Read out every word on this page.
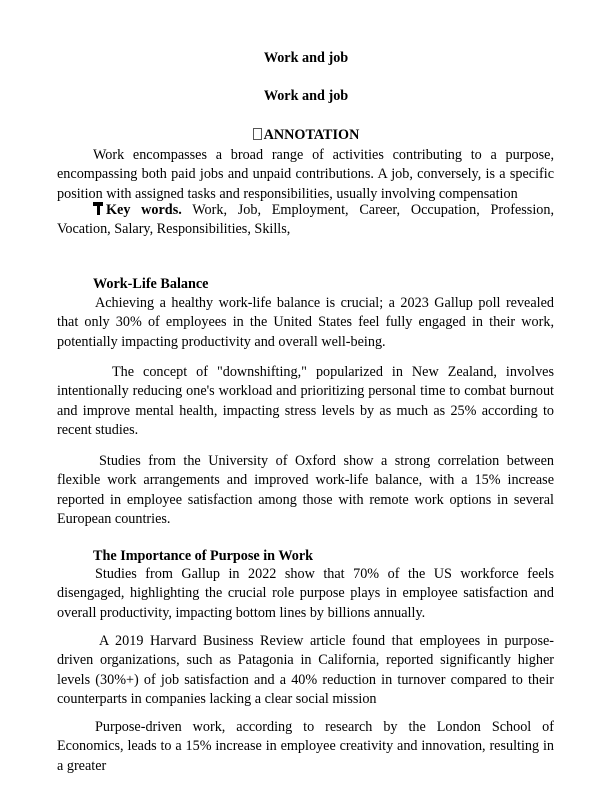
Work and job
Work and job
ANNOTATION

Work encompasses a broad range of activities contributing to a purpose, encompassing both paid jobs and unpaid contributions. A job, conversely, is a specific position with assigned tasks and responsibilities, usually involving compensation

Key words. Work, Job, Employment, Career, Occupation, Profession, Vocation, Salary, Responsibilities, Skills,

Work-Life Balance

Achieving a healthy work-life balance is crucial; a 2023 Gallup poll revealed that only 30% of employees in the United States feel fully engaged in their work, potentially impacting productivity and overall well-being.

The concept of "downshifting," popularized in New Zealand, involves intentionally reducing one's workload and prioritizing personal time to combat burnout and improve mental health, impacting stress levels by as much as 25% according to recent studies.

Studies from the University of Oxford show a strong correlation between flexible work arrangements and improved work-life balance, with a 15% increase reported in employee satisfaction among those with remote work options in several European countries.

The Importance of Purpose in Work

Studies from Gallup in 2022 show that 70% of the US workforce feels disengaged, highlighting the crucial role purpose plays in employee satisfaction and overall productivity, impacting bottom lines by billions annually.

A 2019 Harvard Business Review article found that employees in purpose-driven organizations, such as Patagonia in California, reported significantly higher levels (30%+) of job satisfaction and a 40% reduction in turnover compared to their counterparts in companies lacking a clear social mission

Purpose-driven work, according to research by the London School of Economics, leads to a 15% increase in employee creativity and innovation, resulting in a greater
